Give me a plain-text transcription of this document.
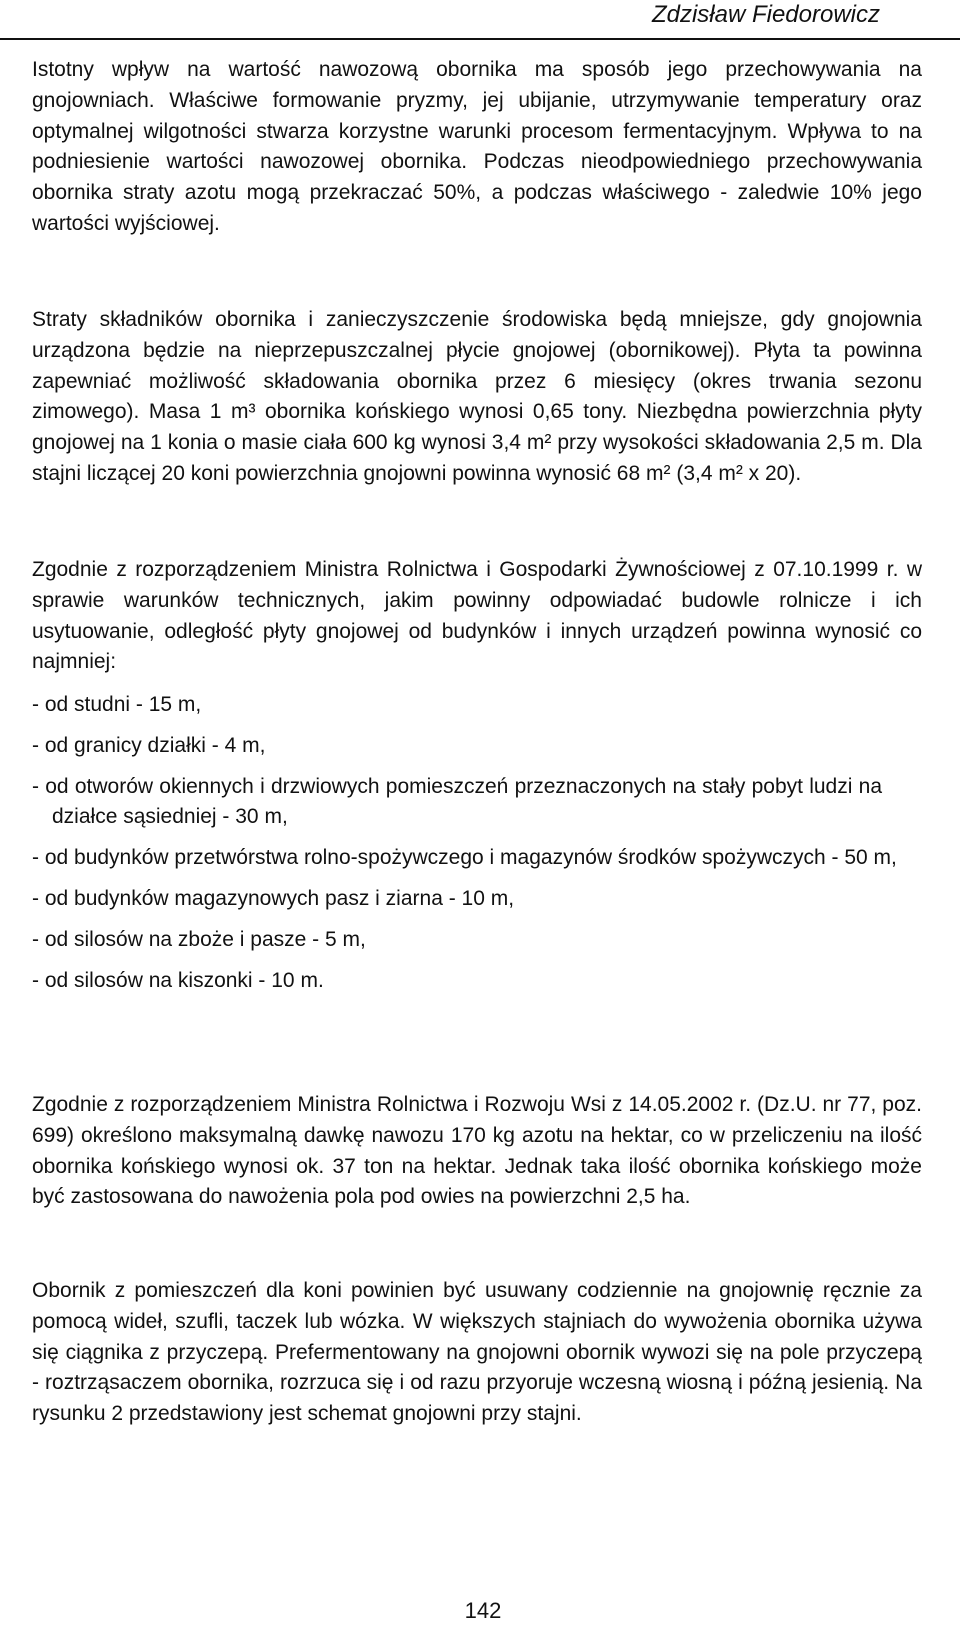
Zdzisław Fiedorowicz

Istotny wpływ na wartość nawozową obornika ma sposób jego przechowywania na gnojowniach. Właściwe formowanie pryzmy, jej ubijanie, utrzymywanie temperatury oraz optymalnej wilgotności stwarza korzystne warunki procesom fermentacyjnym. Wpływa to na podniesienie wartości nawozowej obornika. Podczas nieodpowiedniego przechowywania obornika straty azotu mogą przekraczać 50%, a podczas właściwego - zaledwie 10% jego wartości wyjściowej.

Straty składników obornika i zanieczyszczenie środowiska będą mniejsze, gdy gnojownia urządzona będzie na nieprzepuszczalnej płycie gnojowej (obornikowej). Płyta ta powinna zapewniać możliwość składowania obornika przez 6 miesięcy (okres trwania sezonu zimowego). Masa 1 m³ obornika końskiego wynosi 0,65 tony. Niezbędna powierzchnia płyty gnojowej na 1 konia o masie ciała 600 kg wynosi 3,4 m² przy wysokości składowania 2,5 m. Dla stajni liczącej 20 koni powierzchnia gnojowni powinna wynosić 68 m² (3,4 m² x 20).

Zgodnie z rozporządzeniem Ministra Rolnictwa i Gospodarki Żywnościowej z 07.10.1999 r. w sprawie warunków technicznych, jakim powinny odpowiadać budowle rolnicze i ich usytuowanie, odległość płyty gnojowej od budynków i innych urządzeń powinna wynosić co najmniej:

- od studni - 15 m,
- od granicy działki - 4 m,
- od otworów okiennych i drzwiowych pomieszczeń przeznaczonych na stały pobyt ludzi na działce sąsiedniej - 30 m,
- od budynków przetwórstwa rolno-spożywczego i magazynów środków spożywczych - 50 m,
- od budynków magazynowych pasz i ziarna - 10 m,
- od silosów na zboże i pasze - 5 m,
- od silosów na kiszonki - 10 m.

Zgodnie z rozporządzeniem Ministra Rolnictwa i Rozwoju Wsi z 14.05.2002 r. (Dz.U. nr 77, poz. 699) określono maksymalną dawkę nawozu 170 kg azotu na hektar, co w przeliczeniu na ilość obornika końskiego wynosi ok. 37 ton na hektar. Jednak taka ilość obornika końskiego może być zastosowana do nawożenia pola pod owies na powierzchni 2,5 ha.

Obornik z pomieszczeń dla koni powinien być usuwany codziennie na gnojownię ręcznie za pomocą wideł, szufli, taczek lub wózka. W większych stajniach do wywożenia obornika używa się ciągnika z przyczepą. Prefermentowany na gnojowni obornik wywozi się na pole przyczepą - roztrząsaczem obornika, rozrzuca się i od razu przyoruje wczesną wiosną i późną jesienią. Na rysunku 2 przedstawiony jest schemat gnojowni przy stajni.

142
